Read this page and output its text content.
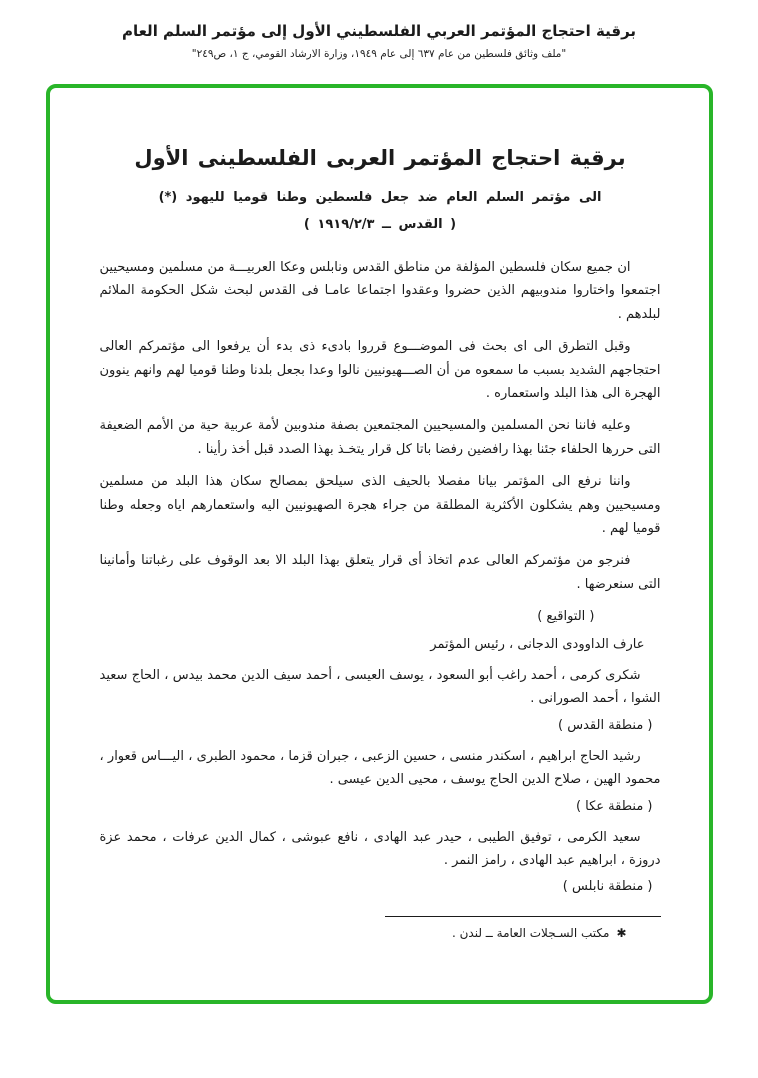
برقية احتجاج المؤتمر العربي الفلسطيني الأول إلى مؤتمر السلم العام
"ملف وثائق فلسطين من عام ٦٣٧ إلى عام ١٩٤٩، وزارة الارشاد القومي، ج ١، ص٢٤٩"
برقية احتجاج المؤتمر العربى الفلسطينى الأول
الى مؤتمر السلم العام ضد جعل فلسطين وطنا قوميا لليهود (*)
( القدس ــ ١٩١٩/٢/٣ )

ان جميع سكان فلسطين المؤلفة من مناطق القدس ونابلس وعكا العربيـــة من مسلمين ومسيحيين اجتمعوا واختاروا مندوبيهم الذين حضروا وعقدوا اجتماعا عامـا فى القدس لبحث شكل الحكومة الملائم لبلدهم .

وقبل التطرق الى اى بحث فى الموضـــوع قرروا بادىء ذى بدء أن يرفعوا الى مؤتمركم العالى احتجاجهم الشديد بسبب ما سمعوه من أن الصـــهيونيين نالوا وعدا بجعل بلدنا وطنا قوميا لهم وانهم ينوون الهجرة الى هذا البلد واستعماره .

وعليه فاننا نحن المسلمين والمسيحيين المجتمعين بصفة مندوبين لأمة عربية حية من الأمم الضعيفة التى حررها الحلفاء جئنا بهذا رافضين رفضا باتا كل قرار يتخـذ بهذا الصدد قبل أخذ رأينا .

واننا نرفع الى المؤتمر بيانا مفصلا بالحيف الذى سيلحق بمصالح سكان هذا البلد من مسلمين ومسيحيين وهم يشكلون الأكثرية المطلقة من جراء هجرة الصهيونيين اليه واستعمارهم اياه وجعله وطنا قوميا لهم .

فنرجو من مؤتمركم العالى عدم اتخاذ أى قرار يتعلق بهذا البلد الا بعد الوقوف على رغباتنا وأمانينا التى سنعرضها .

( التواقيع )

عارف الداوودى الدجانى ، رئيس المؤتمر

شكرى كرمى ، أحمد راغب أبو السعود ، يوسف العيسى ، أحمد سيف الدين محمد بيدس ، الحاج سعيد الشوا ، أحمد الصورانى .

( منطقة القدس )

رشيد الحاج ابراهيم ، اسكندر منسى ، حسين الزعبى ، جبران قزما ، محمود الطبرى ، اليـــاس قعوار ، محمود الهين ، صلاح الدين الحاج يوسف ، محيى الدين عيسى .

( منطقة عكا )

سعيد الكرمى ، توفيق الطيبى ، حيدر عبد الهادى ، نافع عبوشى ، كمال الدين عرفات ، محمد عزة دروزة ، ابراهيم عبد الهادى ، رامز النمر .

( منطقة نابلس )
✱مكتب السـجلات العامة ــ لندن .
